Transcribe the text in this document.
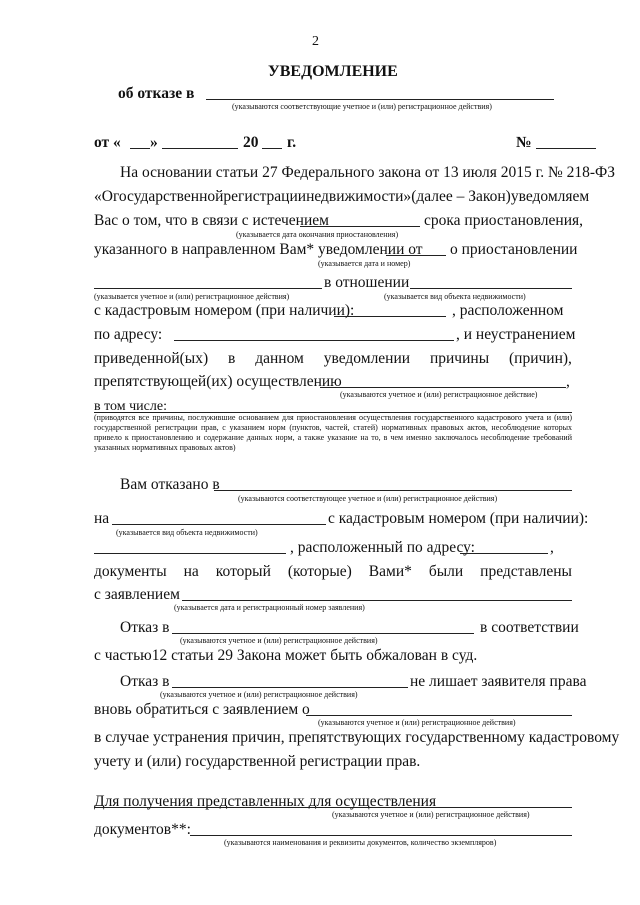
2
УВЕДОМЛЕНИЕ
об отказе в
(указываются соответствующие учетное и (или) регистрационное действия)
от « »	20 г.	№
На основании статьи 27 Федерального закона от 13 июля 2015 г. № 218-ФЗ
«О государственной регистрации недвижимости» (далее – Закон) уведомляем
Вас о том, что в связи с истечением	срока приостановления,
(указывается дата окончания приостановления)
указанного в направленном Вам* уведомлении от о приостановлении
(указывается дата и номер)
в отношении
(указывается учетное и (или) регистрационное действия)	(указывается вид объекта недвижимости)
с кадастровым номером (при наличии):	, расположенном
по адресу:	, и неустранением
приведенной(ых) в данном уведомлении причины (причин),
препятствующей(их) осуществлению	,
(указываются учетное и (или) регистрационное действие)
в том числе:
(приводятся все причины, послужившие основанием для приостановления осуществления государственного кадастрового учета и (или) государственной регистрации прав, с указанием норм (пунктов, частей, статей) нормативных правовых актов, несоблюдение которых привело к приостановлению и содержание данных норм, а также указание на то, в чем именно заключалось несоблюдение требований указанных нормативных правовых актов)
Вам отказано в
(указываются соответствующее учетное и (или) регистрационное действия)
на	с кадастровым номером (при наличии):
(указывается вид объекта недвижимости)
, расположенный по адресу:	,
документы на который (которые) Вами* были представлены
с заявлением
(указывается дата и регистрационный номер заявления)
Отказ в	в соответствии
(указываются учетное и (или) регистрационное действия)
с частью12 статьи 29 Закона может быть обжалован в суд.
Отказ в	не лишает заявителя права
(указываются учетное и (или) регистрационное действия)
вновь обратиться с заявлением о
(указываются учетное и (или) регистрационное действия)
в случае устранения причин, препятствующих государственному кадастровому
учету и (или) государственной регистрации прав.
Для получения представленных для осуществления
(указываются учетное и (или) регистрационное действия)
документов**:
(указываются наименования и реквизиты документов, количество экземпляров)
